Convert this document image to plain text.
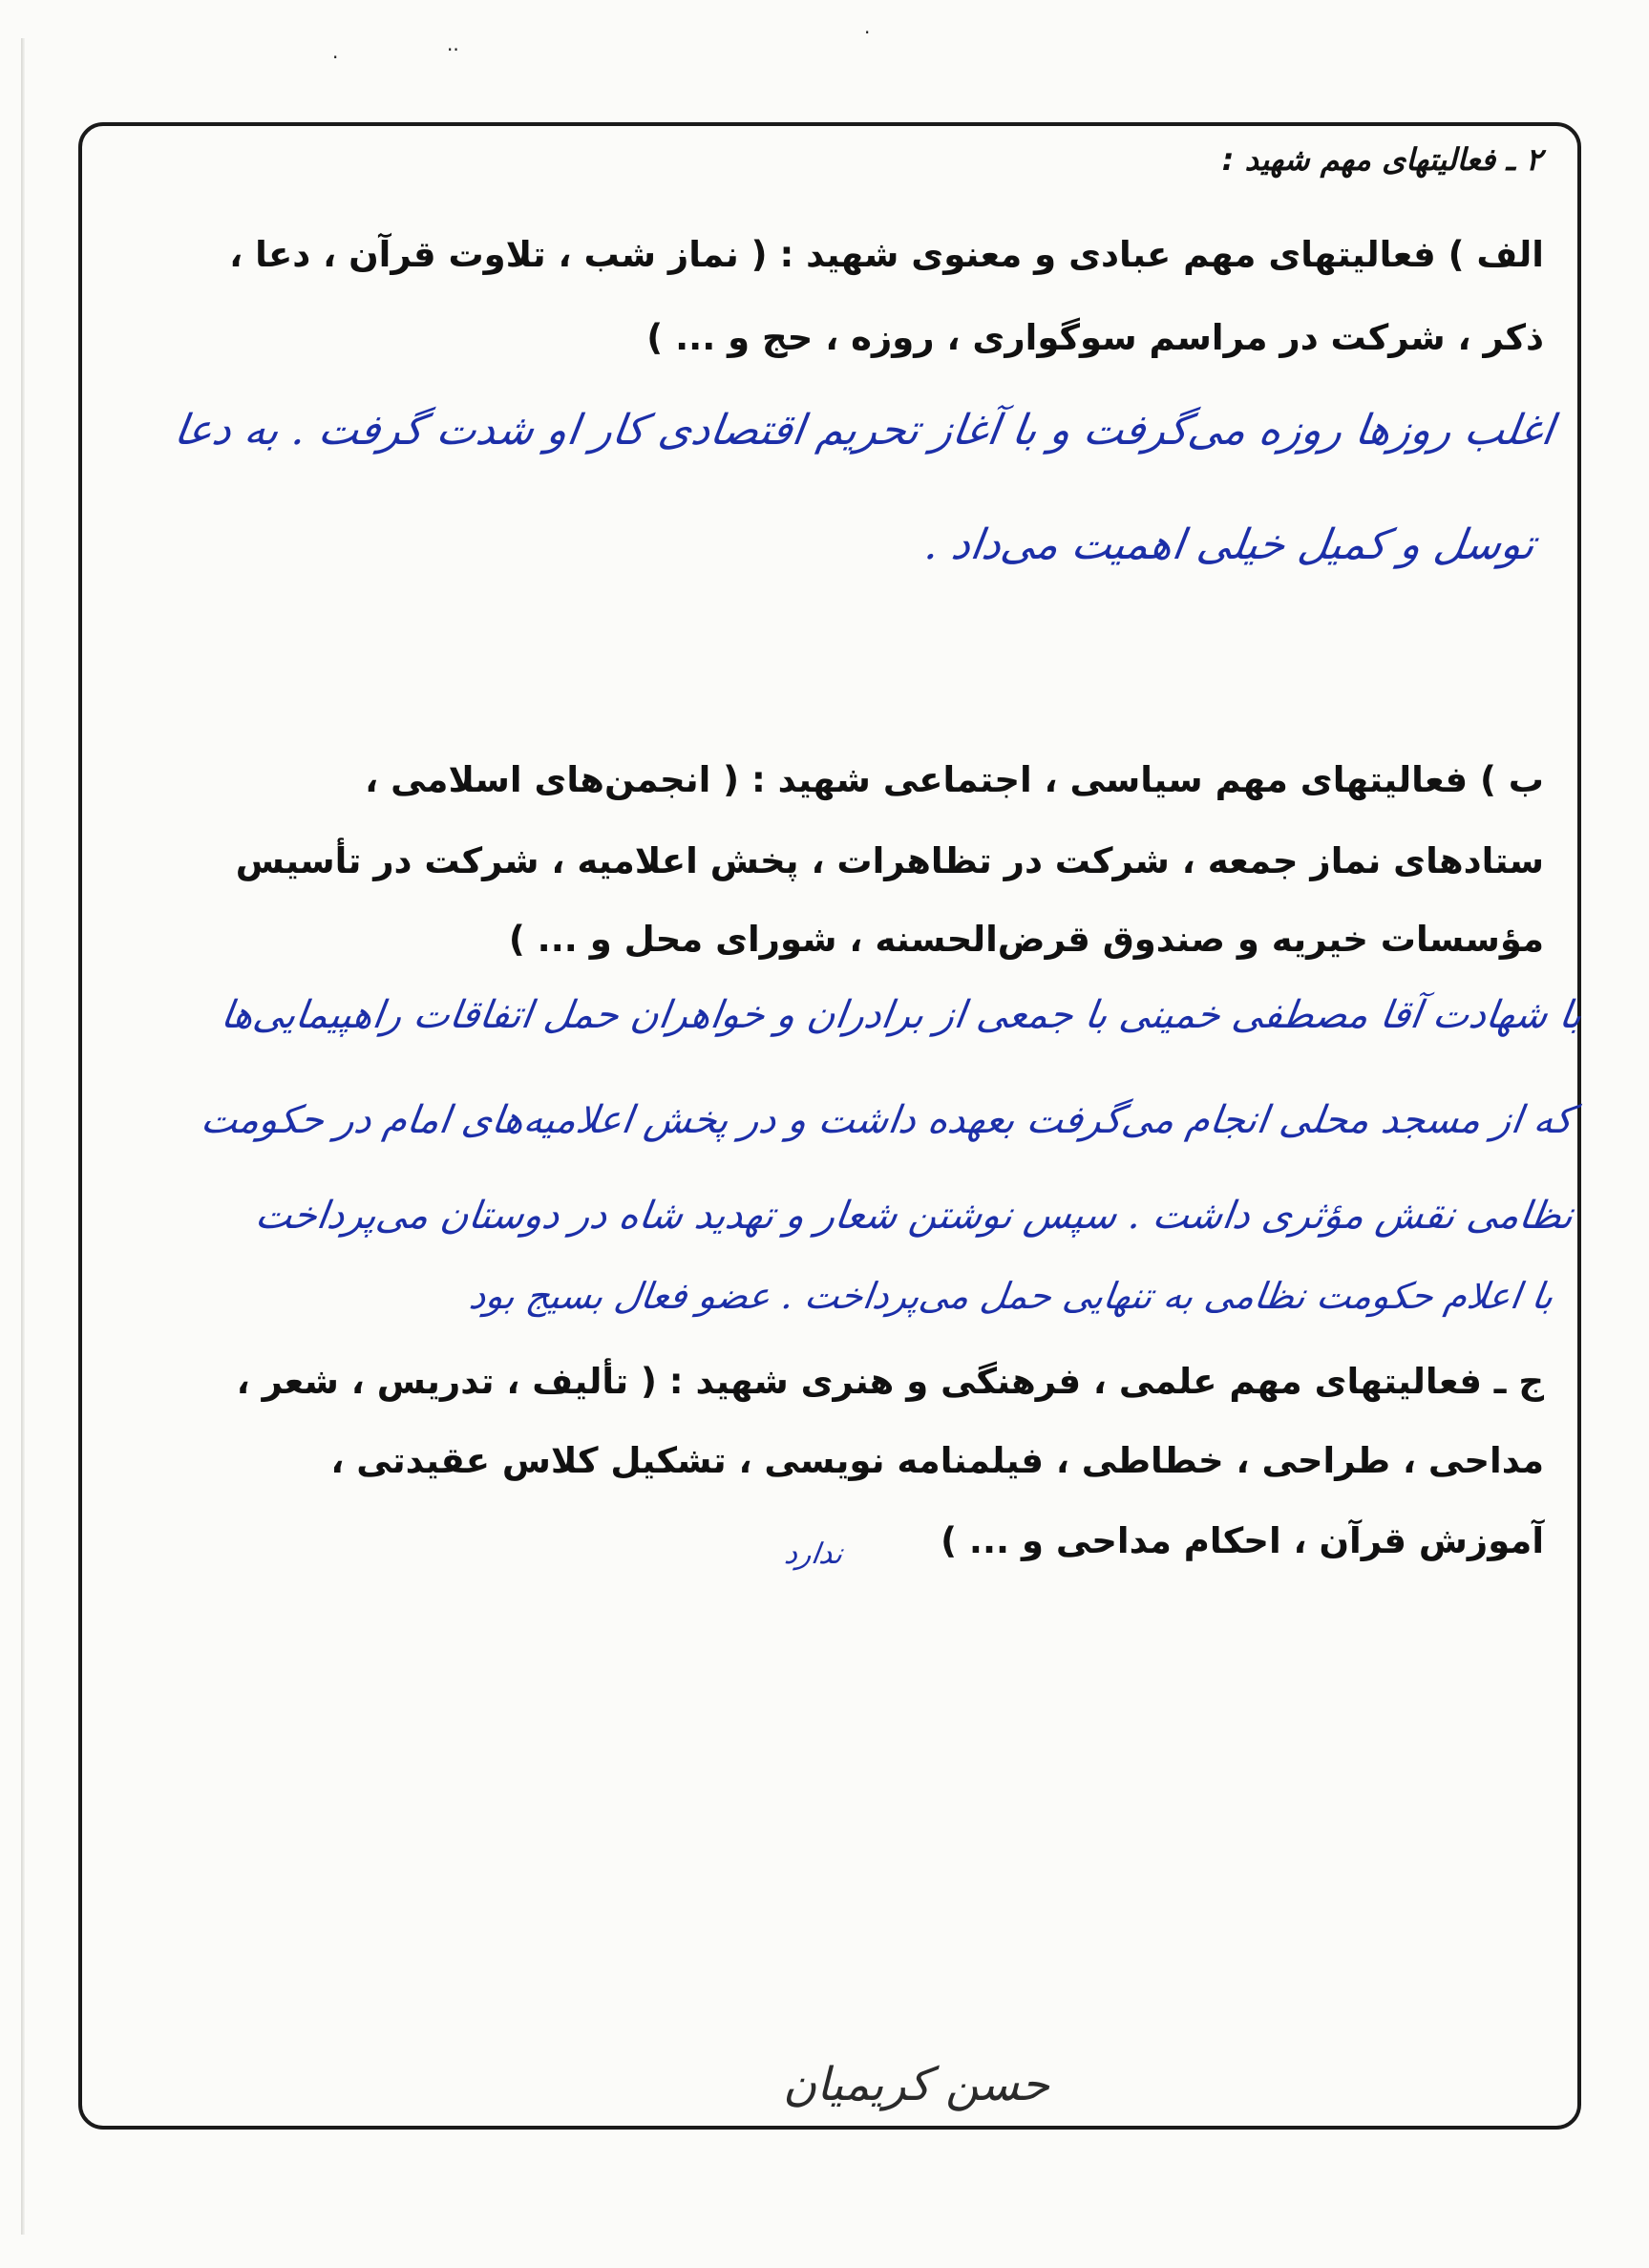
·	··
·
۲ ـ فعالیتهای مهم شهید :
الف ) فعالیتهای مهم عبادی و معنوی شهید : ( نماز شب ، تلاوت قرآن ، دعا ،
ذکر ، شرکت در مراسم سوگواری ، روزه ، حج و ... )
اغلب روزها روزه می‌گرفت و با آغاز تحریم اقتصادی کار او شدت گرفت . به دعا
توسل و کمیل خیلی اهمیت می‌داد .
ب ) فعالیتهای مهم سیاسی ، اجتماعی شهید : ( انجمن‌های اسلامی ،
ستادهای نماز جمعه ، شرکت در تظاهرات ، پخش اعلامیه ، شرکت در تأسیس
مؤسسات خیریه و صندوق قرض‌الحسنه ، شورای محل و ... )
با شهادت آقا مصطفی خمینی با جمعی از برادران و خواهران حمل اتفاقات راهپیمایی‌ها
که از مسجد محلی انجام می‌گرفت بعهده داشت و در پخش اعلامیه‌های امام در حکومت
نظامی نقش مؤثری داشت . سپس نوشتن شعار و تهدید شاه در دوستان می‌پرداخت
با اعلام حکومت نظامی به تنهایی حمل می‌پرداخت . عضو فعال بسیج بود
ج ـ فعالیتهای مهم علمی ، فرهنگی و هنری شهید : ( تألیف ، تدریس ، شعر ،
مداحی ، طراحی ، خطاطی ، فیلمنامه نویسی ، تشکیل کلاس عقیدتی ،
آموزش قرآن ، احکام مداحی و ... )
ندارد
حسن کریمیان
